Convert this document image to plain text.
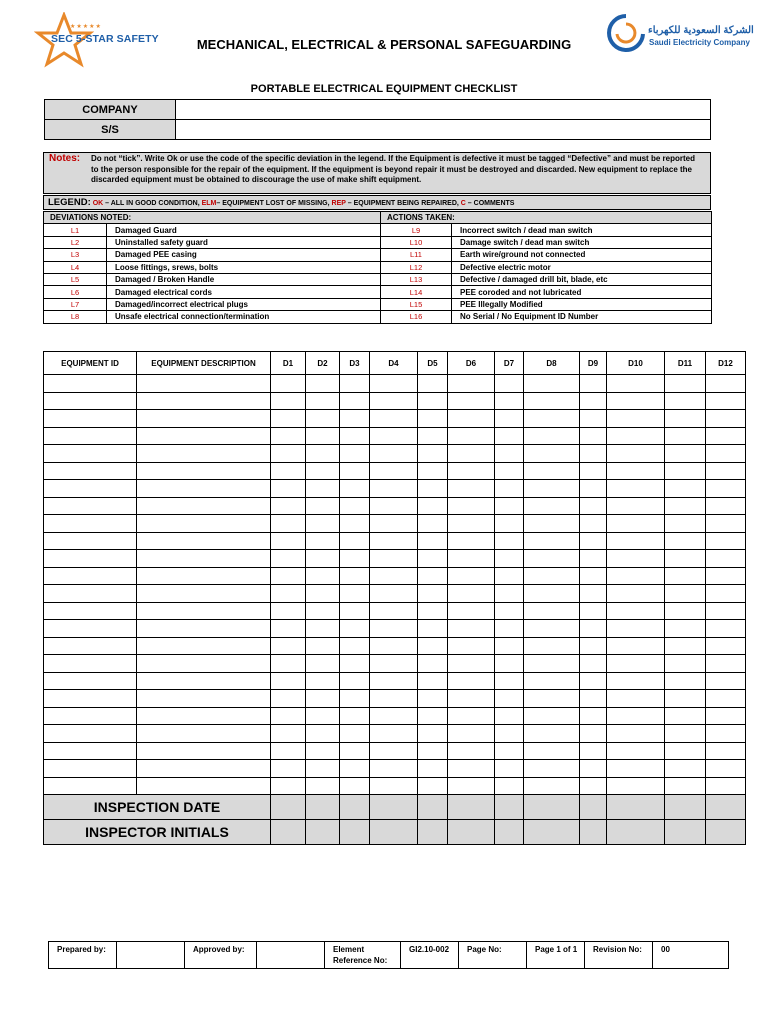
★★★★★
SEC 5-STAR SAFETY
الشركة السعودية للكهرباء
Saudi Electricity Company
MECHANICAL, ELECTRICAL & PERSONAL SAFEGUARDING
PORTABLE ELECTRICAL EQUIPMENT CHECKLIST
COMPANY	
S/S	
Notes: Do not “tick”. Write Ok or use the code of the specific deviation in the legend. If the Equipment is defective it must be tagged “Defective” and must be reported to the person responsible for the repair of the equipment. If the equipment is beyond repair it must be destroyed and discarded. New equipment to replace the discarded equipment must be obtained to discourage the use of make shift equipment.
LEGEND: OK – ALL IN GOOD CONDITION, ELM– EQUIPMENT LOST OF MISSING, REP – EQUIPMENT BEING REPAIRED, C – COMMENTS
DEVIATIONS NOTED:		ACTIONS TAKEN:	
L1	Damaged Guard	L9	Incorrect switch / dead man switch
L2	Uninstalled safety guard	L10	Damage switch / dead man switch
L3	Damaged PEE casing	L11	Earth wire/ground not connected
L4	Loose fittings, srews, bolts	L12	Defective electric motor
L5	Damaged / Broken Handle	L13	Defective / damaged drill bit, blade, etc
L6	Damaged electrical cords	L14	PEE coroded and not lubricated
L7	Damaged/incorrect electrical plugs	L15	PEE Illegally Modified
L8	Unsafe electrical connection/termination	L16	No Serial / No Equipment ID Number
EQUIPMENT ID	EQUIPMENT DESCRIPTION	D1	D2	D3	D4	D5	D6	D7	D8	D9	D10	D11	D12

INSPECTION DATE													
INSPECTOR INITIALS													
Prepared by:		Approved by:		Element Reference No:	GI2.10-002	Page No:	Page 1 of 1	Revision No:	00
